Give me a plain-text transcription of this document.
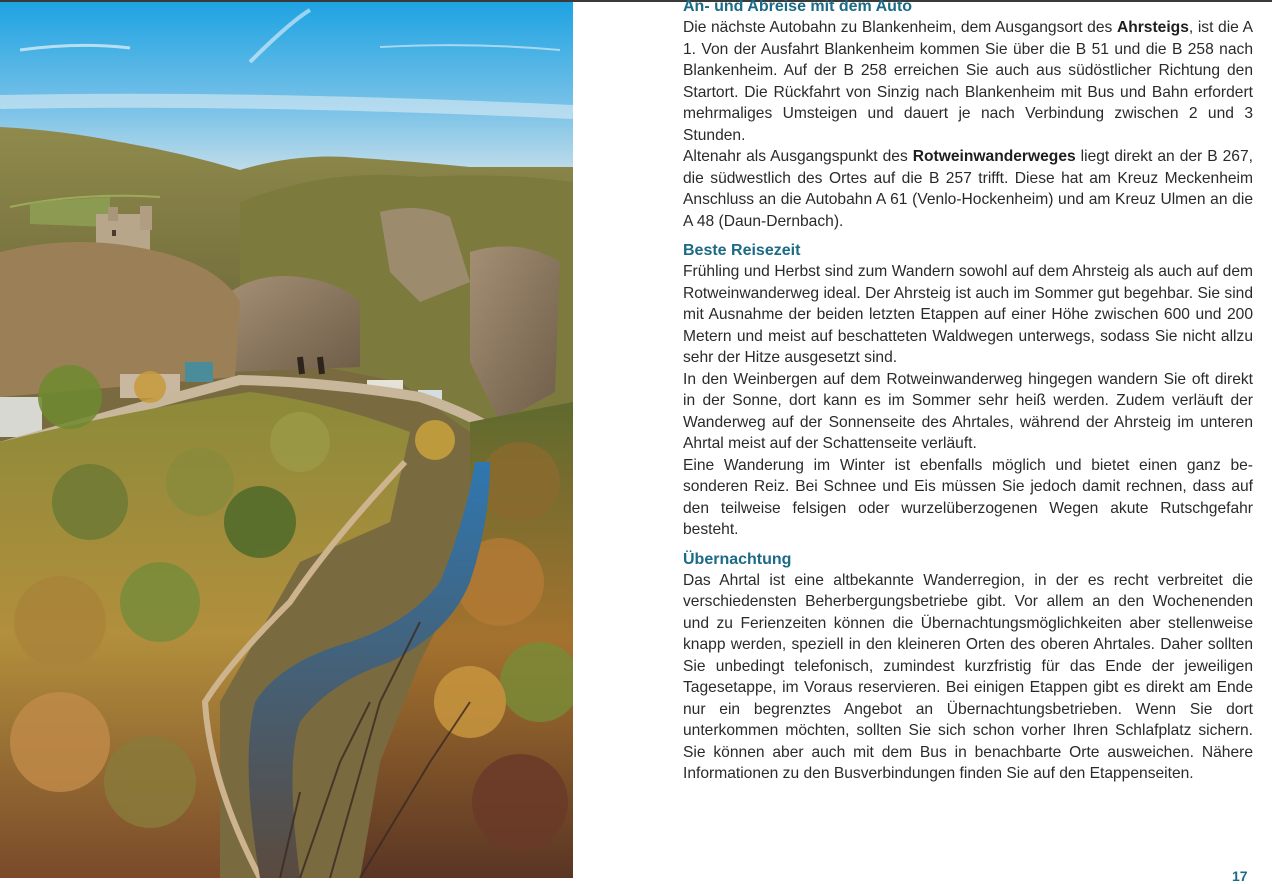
An- und Abreise mit dem Auto

Die nächste Autobahn zu Blankenheim, dem Ausgangsort des Ahrsteigs, ist die A 1. Von der Ausfahrt Blankenheim kommen Sie über die B 51 und die B 258 nach Blankenheim. Auf der B 258 erreichen Sie auch aus südöstlicher Richtung den Startort. Die Rückfahrt von Sinzig nach Blankenheim mit Bus und Bahn erfordert mehrmaliges Umsteigen und dauert je nach Verbindung zwischen 2 und 3 Stunden.

Altenahr als Ausgangspunkt des Rotweinwanderweges liegt direkt an der B 267, die südwestlich des Ortes auf die B 257 trifft. Diese hat am Kreuz Meckenheim Anschluss an die Autobahn A 61 (Venlo-Hockenheim) und am Kreuz Ulmen an die A 48 (Daun-Dernbach).

Beste Reisezeit

Frühling und Herbst sind zum Wandern sowohl auf dem Ahrsteig als auch auf dem Rotweinwanderweg ideal. Der Ahrsteig ist auch im Sommer gut begehbar. Sie sind mit Ausnahme der beiden letzten Etappen auf einer Höhe zwischen 600 und 200 Metern und meist auf beschatteten Waldwegen unterwegs, sodass Sie nicht allzu sehr der Hitze ausgesetzt sind.

In den Weinbergen auf dem Rotweinwanderweg hingegen wandern Sie oft direkt in der Sonne, dort kann es im Sommer sehr heiß werden. Zudem verläuft der Wanderweg auf der Sonnenseite des Ahrtales, während der Ahrsteig im unteren Ahrtal meist auf der Schattenseite verläuft.

Eine Wanderung im Winter ist ebenfalls möglich und bietet einen ganz besonderen Reiz. Bei Schnee und Eis müssen Sie jedoch damit rechnen, dass auf den teilweise felsigen oder wurzelüberzogenen Wegen akute Rutschgefahr besteht.

Übernachtung

Das Ahrtal ist eine altbekannte Wanderregion, in der es recht verbreitet die verschiedensten Beherbergungsbetriebe gibt. Vor allem an den Wochenenden und zu Ferienzeiten können die Übernachtungsmöglichkeiten aber stellenweise knapp werden, speziell in den kleineren Orten des oberen Ahrtales. Daher sollten Sie unbedingt telefonisch, zumindest kurzfristig für das Ende der jeweiligen Tagesetappe, im Voraus reservieren. Bei einigen Etappen gibt es direkt am Ende nur ein begrenztes Angebot an Übernachtungsbetrieben. Wenn Sie dort unterkommen möchten, sollten Sie sich schon vorher Ihren Schlafplatz sichern. Sie können aber auch mit dem Bus in benachbarte Orte ausweichen. Nähere Informationen zu den Busverbindungen finden Sie auf den Etappenseiten.

17
